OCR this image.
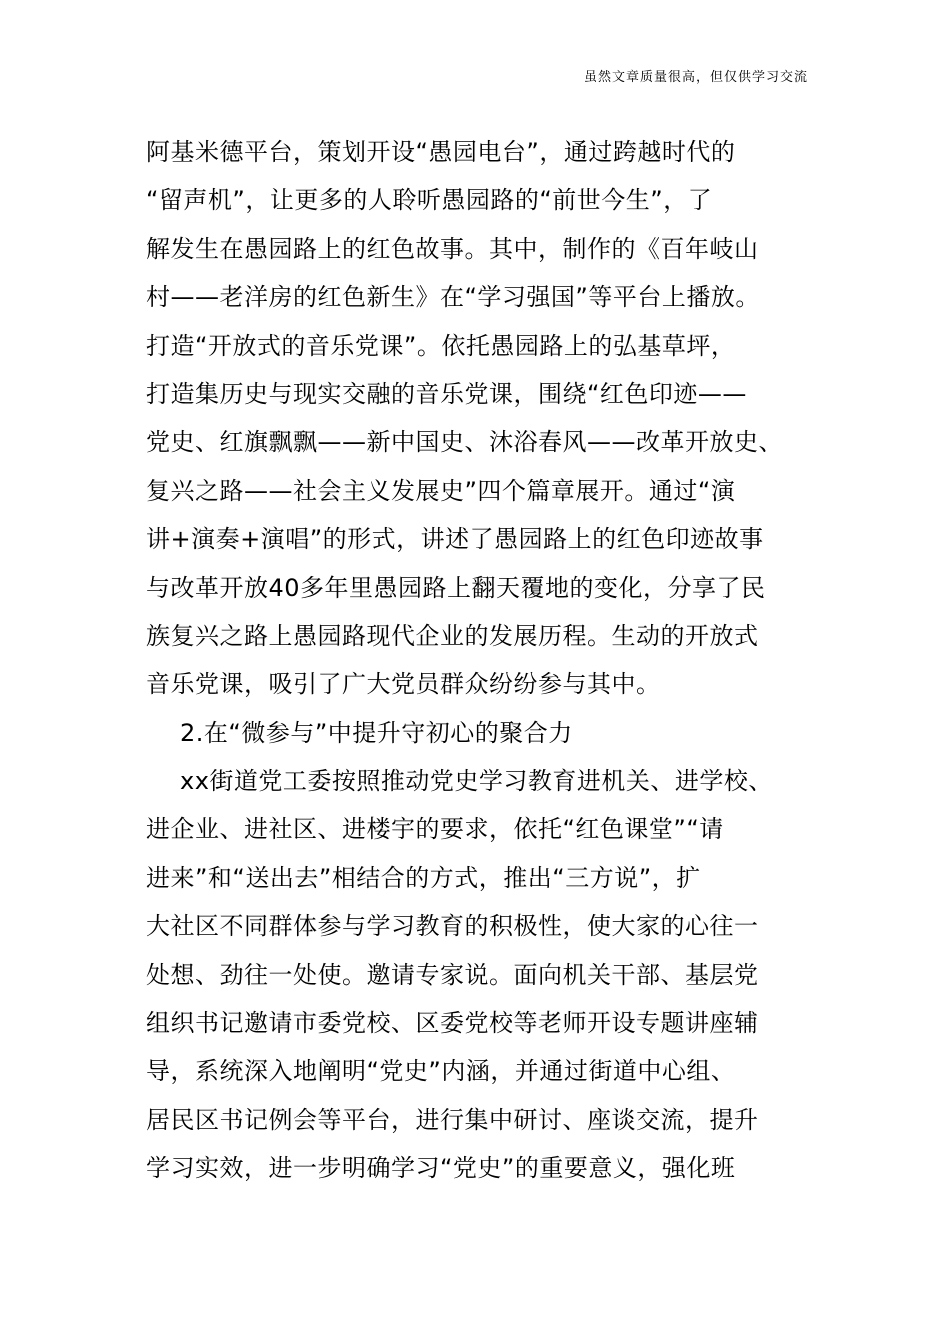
虽然文章质量很高，但仅供学习交流
阿基米德平台，策划开设“愚园电台”，通过跨越时代的
“留声机”，让更多的人聆听愚园路的“前世今生”，了
解发生在愚园路上的红色故事。其中，制作的《百年岐山
村——老洋房的红色新生》在“学习强国”等平台上播放。
打造“开放式的音乐党课”。依托愚园路上的弘基草坪，
打造集历史与现实交融的音乐党课，围绕“红色印迹——
党史、红旗飘飘——新中国史、沐浴春风——改革开放史、
复兴之路——社会主义发展史”四个篇章展开。通过“演
讲+演奏+演唱”的形式，讲述了愚园路上的红色印迹故事
与改革开放40多年里愚园路上翻天覆地的变化，分享了民
族复兴之路上愚园路现代企业的发展历程。生动的开放式
音乐党课，吸引了广大党员群众纷纷参与其中。
2.在“微参与”中提升守初心的聚合力
xx街道党工委按照推动党史学习教育进机关、进学校、
进企业、进社区、进楼宇的要求，依托“红色课堂”“请
进来”和“送出去”相结合的方式，推出“三方说”，扩
大社区不同群体参与学习教育的积极性，使大家的心往一
处想、劲往一处使。邀请专家说。面向机关干部、基层党
组织书记邀请市委党校、区委党校等老师开设专题讲座辅
导，系统深入地阐明“党史”内涵，并通过街道中心组、
居民区书记例会等平台，进行集中研讨、座谈交流，提升
学习实效，进一步明确学习“党史”的重要意义，强化班
